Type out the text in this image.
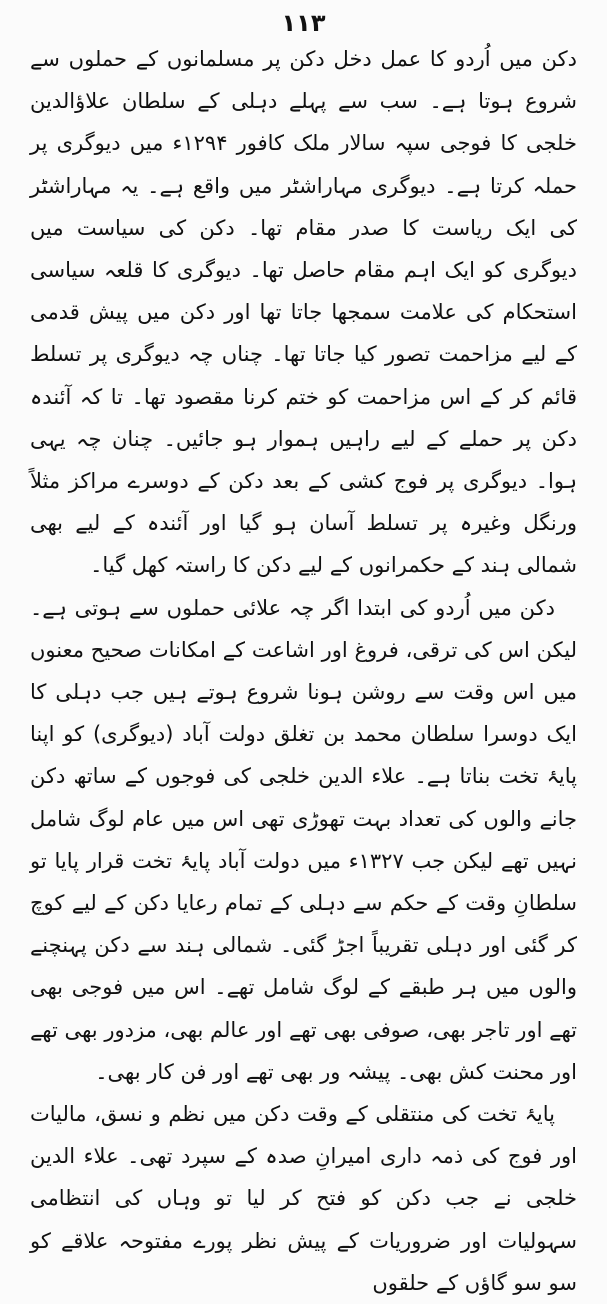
۱۱۳

دکن میں اُردو کا عمل دخل دکن پر مسلمانوں کے حملوں سے شروع ہوتا ہے۔ سب سے پہلے دہلی کے سلطان علاؤالدین خلجی کا فوجی سپہ سالار ملک کافور ۱۲۹۴ء میں دیوگری پر حملہ کرتا ہے۔ دیوگری مہاراشٹر میں واقع ہے۔ یہ مہاراشٹر کی ایک ریاست کا صدر مقام تھا۔ دکن کی سیاست میں دیوگری کو ایک اہم مقام حاصل تھا۔ دیوگری کا قلعہ سیاسی استحکام کی علامت سمجھا جاتا تھا اور دکن میں پیش قدمی کے لیے مزاحمت تصور کیا جاتا تھا۔ چناں چہ دیوگری پر تسلط قائم کر کے اس مزاحمت کو ختم کرنا مقصود تھا۔ تا کہ آئندہ دکن پر حملے کے لیے راہیں ہموار ہو جائیں۔ چنان چہ یہی ہوا۔ دیوگری پر فوج کشی کے بعد دکن کے دوسرے مراکز مثلاً ورنگل وغیرہ پر تسلط آسان ہو گیا اور آئندہ کے لیے بھی شمالی ہند کے حکمرانوں کے لیے دکن کا راستہ کھل گیا۔

دکن میں اُردو کی ابتدا اگر چہ علائی حملوں سے ہوتی ہے۔ لیکن اس کی ترقی، فروغ اور اشاعت کے امکانات صحیح معنوں میں اس وقت سے روشن ہونا شروع ہوتے ہیں جب دہلی کا ایک دوسرا سلطان محمد بن تغلق دولت آباد (دیوگری) کو اپنا پایۂ تخت بناتا ہے۔ علاء الدین خلجی کی فوجوں کے ساتھ دکن جانے والوں کی تعداد بہت تھوڑی تھی اس میں عام لوگ شامل نہیں تھے لیکن جب ۱۳۲۷ء میں دولت آباد پایۂ تخت قرار پایا تو سلطانِ وقت کے حکم سے دہلی کے تمام رعایا دکن کے لیے کوچ کر گئی اور دہلی تقریباً اجڑ گئی۔ شمالی ہند سے دکن پہنچنے والوں میں ہر طبقے کے لوگ شامل تھے۔ اس میں فوجی بھی تھے اور تاجر بھی، صوفی بھی تھے اور عالم بھی، مزدور بھی تھے اور محنت کش بھی۔ پیشہ ور بھی تھے اور فن کار بھی۔

پایۂ تخت کی منتقلی کے وقت دکن میں نظم و نسق، مالیات اور فوج کی ذمہ داری امیرانِ صدہ کے سپرد تھی۔ علاء الدین خلجی نے جب دکن کو فتح کر لیا تو وہاں کی انتظامی سہولیات اور ضروریات کے پیش نظر پورے مفتوحہ علاقے کو سو سو گاؤں کے حلقوں
